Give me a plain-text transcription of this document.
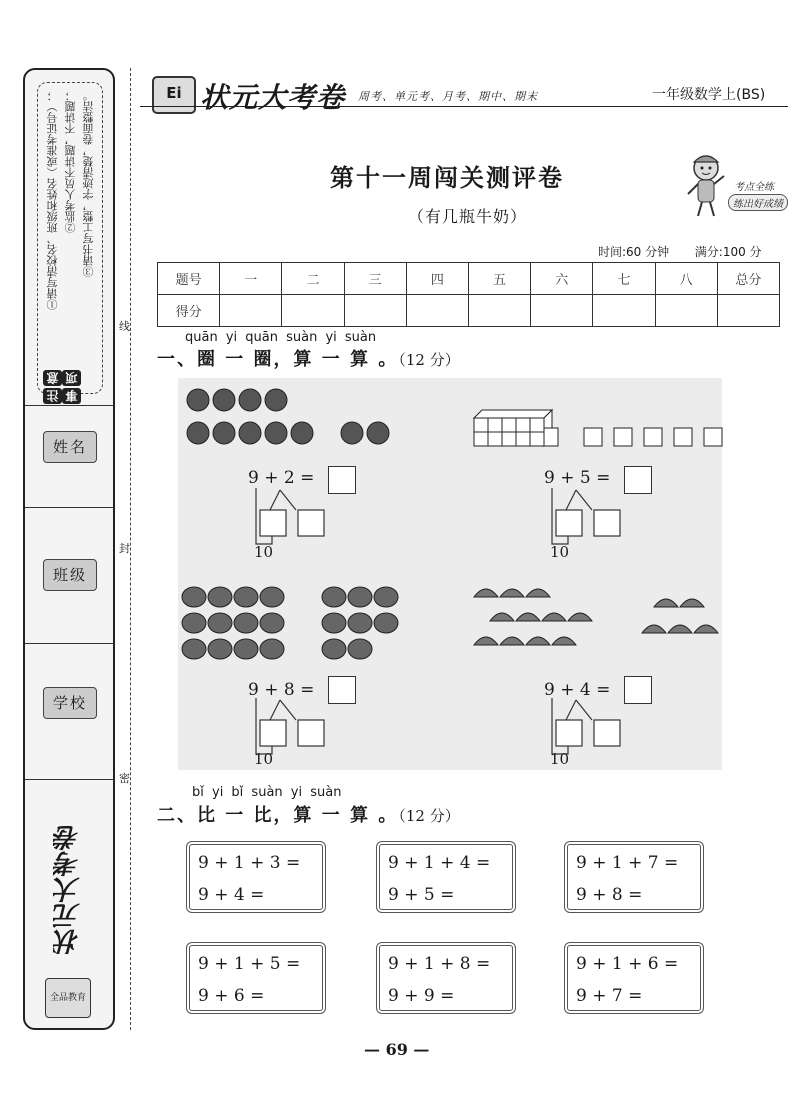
注意事项
①请写清校名、班级和姓名（或准考证号）； ②监考人员不讲题，不讲题； ③请书写工整，字迹清楚，卷面整洁。
姓名
班级
学校
状元大考卷
全品教育
线
封
密
Ei 状元大考卷 周考、单元考、月考、期中、期末	一年级数学上(BS)
第十一周闯关测评卷
（有几瓶牛奶）
考点全练
练出好成绩
时间:60 分钟 满分:100 分
题号	一	二	三	四	五	六	七	八	总分
得分									
quān yi quān suàn yi suàn
一、圈 一 圈，算 一 算 。（12 分）
9 + 2 =
10
9 + 5 =
10
9 + 8 =
10
9 + 4 =
10
bǐ yi bǐ suàn yi suàn
二、比 一 比，算 一 算 。（12 分）
9 + 1 + 3 =
9 + 4 =
9 + 1 + 4 =
9 + 5 =
9 + 1 + 7 =
9 + 8 =
9 + 1 + 5 =
9 + 6 =
9 + 1 + 8 =
9 + 9 =
9 + 1 + 6 =
9 + 7 =
— 69 —
